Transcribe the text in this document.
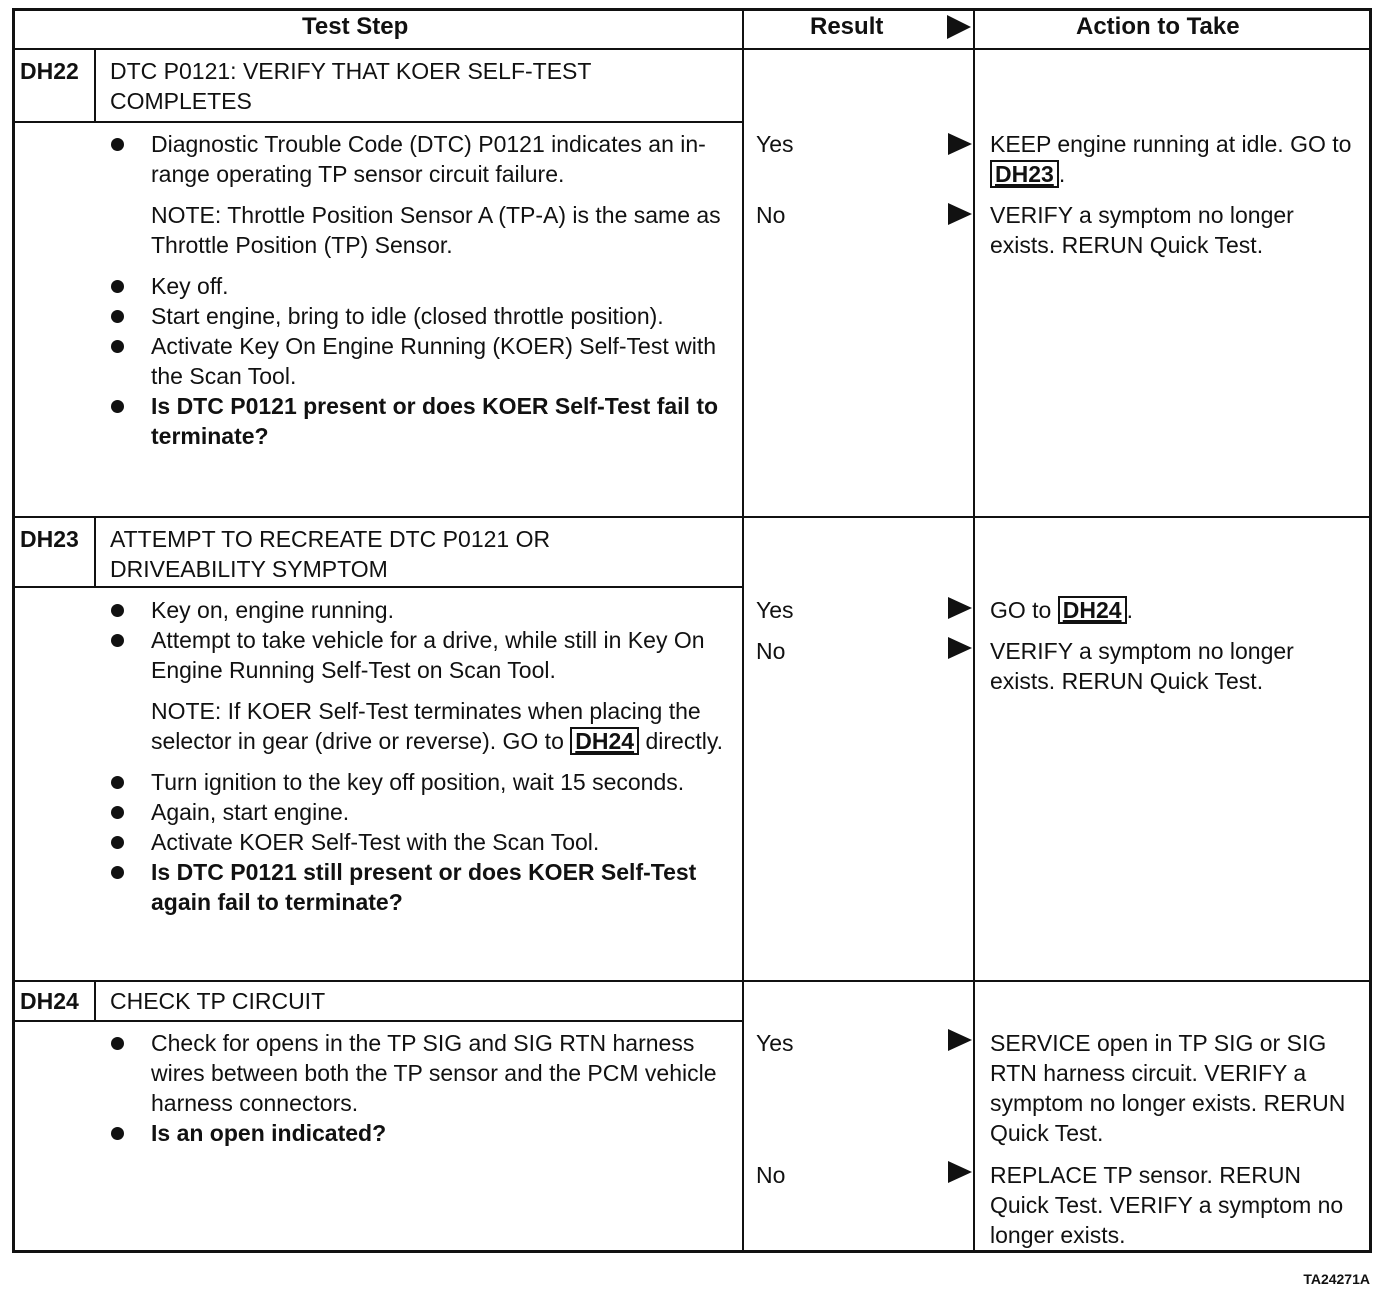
Test Step	Result	Action to Take
DH22 DTC P0121: VERIFY THAT KOER SELF-TEST
COMPLETES
Diagnostic Trouble Code (DTC) P0121 indicates an in-range operating TP sensor circuit failure.
NOTE: Throttle Position Sensor A (TP-A) is the same as Throttle Position (TP) Sensor.
Key off.
Start engine, bring to idle (closed throttle position).
Activate Key On Engine Running (KOER) Self-Test with the Scan Tool.
Is DTC P0121 present or does KOER Self-Test fail to terminate?
Yes	KEEP engine running at idle. GO to DH23 .
No	VERIFY a symptom no longer exists. RERUN Quick Test.
DH23 ATTEMPT TO RECREATE DTC P0121 OR
DRIVEABILITY SYMPTOM
Key on, engine running.
Attempt to take vehicle for a drive, while still in Key On Engine Running Self-Test on Scan Tool.
NOTE: If KOER Self-Test terminates when placing the selector in gear (drive or reverse). GO to DH24 directly.
Turn ignition to the key off position, wait 15 seconds.
Again, start engine.
Activate KOER Self-Test with the Scan Tool.
Is DTC P0121 still present or does KOER Self-Test again fail to terminate?
Yes	GO to DH24 .
No	VERIFY a symptom no longer exists. RERUN Quick Test.
DH24 CHECK TP CIRCUIT
Check for opens in the TP SIG and SIG RTN harness wires between both the TP sensor and the PCM vehicle harness connectors.
Is an open indicated?
Yes	SERVICE open in TP SIG or SIG RTN harness circuit. VERIFY a symptom no longer exists. RERUN Quick Test.
No	REPLACE TP sensor. RERUN Quick Test. VERIFY a symptom no longer exists.
TA24271A
